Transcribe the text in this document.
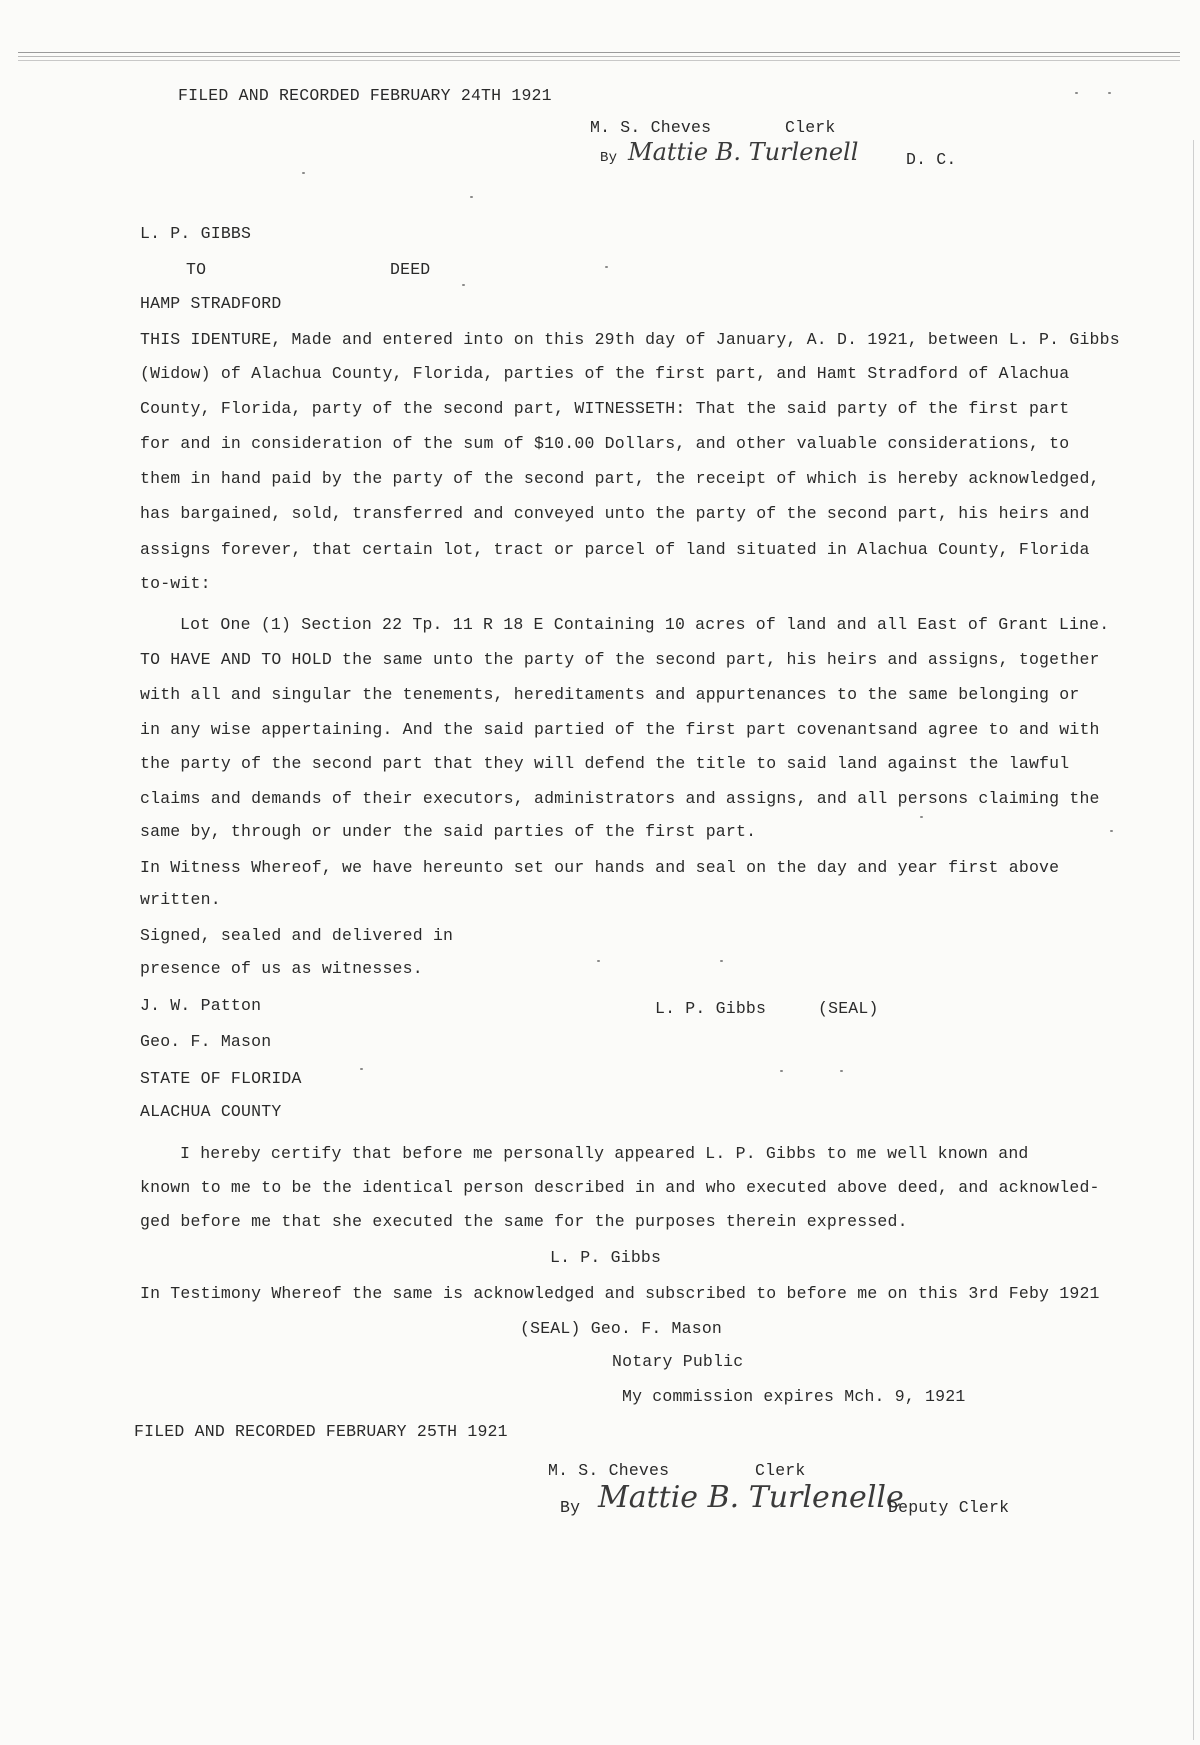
FILED AND RECORDED FEBRUARY 24TH 1921
M. S. Cheves	Clerk
By Mattie B. Turlenell	D. C.
L. P. GIBBS
TO	DEED
HAMP STRADFORD
THIS IDENTURE, Made and entered into on this 29th day of January, A. D. 1921, between L. P. Gibbs
(Widow) of Alachua County, Florida, parties of the first part, and Hamt Stradford of Alachua
County, Florida, party of the second part, WITNESSETH: That the said party of the first part
for and in consideration of the sum of $10.00 Dollars, and other valuable considerations, to
them in hand paid by the party of the second part, the receipt of which is hereby acknowledged,
has bargained, sold, transferred and conveyed unto the party of the second part, his heirs and
assigns forever, that certain lot, tract or parcel of land situated in Alachua County, Florida
to-wit:
Lot One (1) Section 22 Tp. 11 R 18 E Containing 10 acres of land and all East of Grant Line.
TO HAVE AND TO HOLD the same unto the party of the second part, his heirs and assigns, together
with all and singular the tenements, hereditaments and appurtenances to the same belonging or
in any wise appertaining. And the said partied of the first part covenantsand agree to and with
the party of the second part that they will defend the title to said land against the lawful
claims and demands of their executors, administrators and assigns, and all persons claiming the
same by, through or under the said parties of the first part.
In Witness Whereof, we have hereunto set our hands and seal on the day and year first above
written.
Signed, sealed and delivered in
presence of us as witnesses.
J. W. Patton	L. P. Gibbs	(SEAL)
Geo. F. Mason
STATE OF FLORIDA
ALACHUA COUNTY
I hereby certify that before me personally appeared L. P. Gibbs to me well known and
known to me to be the identical person described in and who executed above deed, and acknowled-
ged before me that she executed the same for the purposes therein expressed.
L. P. Gibbs
In Testimony Whereof the same is acknowledged and subscribed to before me on this 3rd Feby 1921
(SEAL) Geo. F. Mason
Notary Public
My commission expires Mch. 9, 1921
FILED AND RECORDED FEBRUARY 25TH 1921
M. S. Cheves	Clerk
By Mattie B. Turlenelle
Deputy Clerk
